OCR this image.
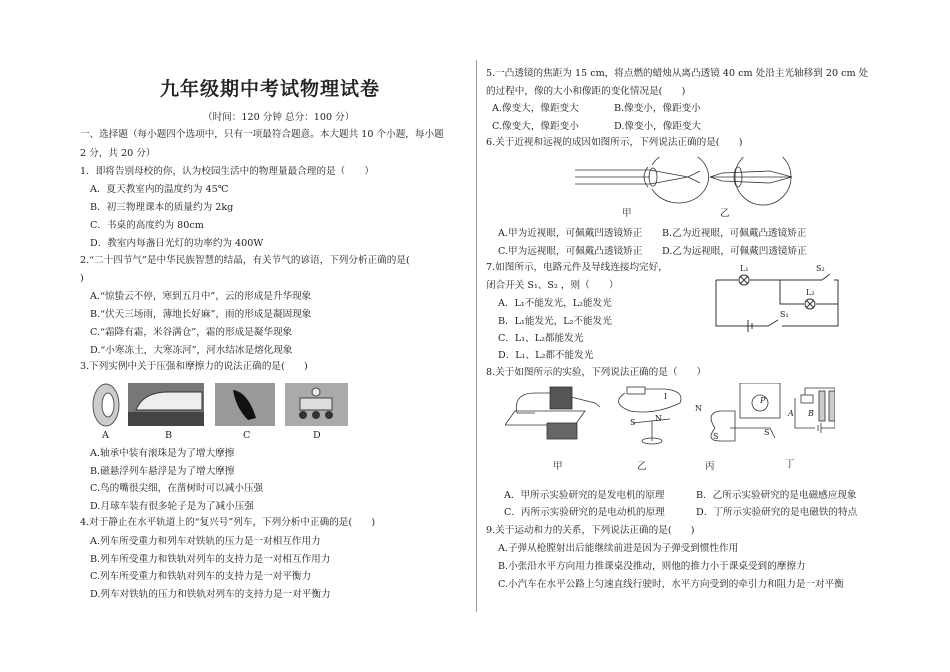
九年级期中考试物理试卷
（时间：120 分钟 总分：100 分）
一、选择题（每小题四个选项中，只有一项最符合题意。本大题共 10 个小题，每小题
2 分，共 20 分）
1．即将告别母校的你，认为校园生活中的物理量最合理的是（　　）
A．夏天教室内的温度约为 45℃
B．初三物理课本的质量约为 2kg
C．书桌的高度约为 80cm
D．教室内每盏日光灯的功率约为 400W
2.“二十四节气”是中华民族智慧的结晶，有关节气的谚语，下列分析正确的是(
)
A.“惊蛰云不停，寒到五月中”，云的形成是升华现象
B.“伏天三场雨，薄地长好麻”，雨的形成是凝固现象
C.“霜降有霜，米谷满仓”，霜的形成是凝华现象
D.“小寒冻土，大寒冻河”，河水结冰是熔化现象
3.下列实例中关于压强和摩擦力的说法正确的是(　　)
A	B	C	D
A.轴承中装有滚珠是为了增大摩擦
B.磁悬浮列车悬浮是为了增大摩擦
C.鸟的嘴很尖细，在凿树时可以减小压强
D.月球车装有很多轮子是为了减小压强
4.对于静止在水平轨道上的“复兴号”列车，下列分析中正确的是(　　)
A.列车所受重力和列车对铁轨的压力是一对相互作用力
B.列车所受重力和铁轨对列车的支持力是一对相互作用力
C.列车所受重力和铁轨对列车的支持力是一对平衡力
D.列车对铁轨的压力和铁轨对列车的支持力是一对平衡力
5.一凸透镜的焦距为 15 cm，将点燃的蜡烛从离凸透镜 40 cm 处沿主光轴移到 20 cm 处
的过程中，像的大小和像距的变化情况是(　　)
A.像变大，像距变大	B.像变小，像距变小
C.像变大，像距变小	D.像变小，像距变大
6.关于近视和远视的成因如图所示，下列说法正确的是(　　)
甲	乙
A.甲为近视眼，可佩戴凹透镜矫正 B.乙为近视眼，可佩戴凸透镜矫正
C.甲为远视眼，可佩戴凸透镜矫正 D.乙为远视眼，可佩戴凹透镜矫正
7.如图所示，电路元件及导线连接均完好，
闭合开关 S₁、S₂ ，则（　　）
A．L₁不能发光，L₂能发光
B．L₁能发光，L₂不能发光
C．L₁、L₂都能发光
D．L₁、L₂都不能发光
L₁	S₂
L₂
S₁
8.关于如图所示的实验，下列说法正确的是（　　）
I
S N
N
S
P
A B
S
甲	乙	丙	丁
A．甲所示实验研究的是发电机的原理	B．乙所示实验研究的是电磁感应现象
C．丙所示实验研究的是电动机的原理	D．丁所示实验研究的是电磁铁的特点
9.关于运动和力的关系，下列说法正确的是(　　)
A.子弹从枪膛射出后能继续前进是因为子弹受到惯性作用
B.小张沿水平方向用力推课桌没推动，则他的推力小于课桌受到的摩擦力
C.小汽车在水平公路上匀速直线行驶时，水平方向受到的牵引力和阻力是一对平衡
